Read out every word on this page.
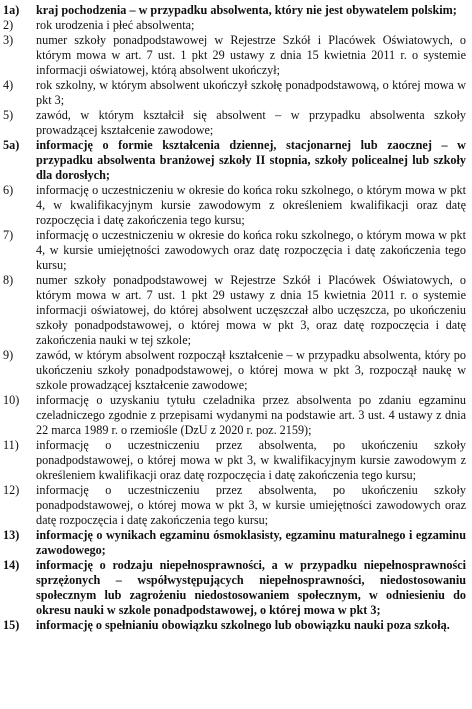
1a)	kraj pochodzenia – w przypadku absolwenta, który nie jest obywatelem polskim;
2)	rok urodzenia i płeć absolwenta;
3)	numer szkoły ponadpodstawowej w Rejestrze Szkół i Placówek Oświatowych, o którym mowa w art. 7 ust. 1 pkt 29 ustawy z dnia 15 kwietnia 2011 r. o systemie informacji oświatowej, którą absolwent ukończył;
4)	rok szkolny, w którym absolwent ukończył szkołę ponadpodstawową, o której mowa w pkt 3;
5)	zawód, w którym kształcił się absolwent – w przypadku absolwenta szkoły prowadzącej kształcenie zawodowe;
5a)	informację o formie kształcenia dziennej, stacjonarnej lub zaocznej – w przypadku absolwenta branżowej szkoły II stopnia, szkoły policealnej lub szkoły dla dorosłych;
6)	informację o uczestniczeniu w okresie do końca roku szkolnego, o którym mowa w pkt 4, w kwalifikacyjnym kursie zawodowym z określeniem kwalifikacji oraz datę rozpoczęcia i datę zakończenia tego kursu;
7)	informację o uczestniczeniu w okresie do końca roku szkolnego, o którym mowa w pkt 4, w kursie umiejętności zawodowych oraz datę rozpoczęcia i datę zakończenia tego kursu;
8)	numer szkoły ponadpodstawowej w Rejestrze Szkół i Placówek Oświatowych, o którym mowa w art. 7 ust. 1 pkt 29 ustawy z dnia 15 kwietnia 2011 r. o systemie informacji oświatowej, do której absolwent uczęszczał albo uczęszcza, po ukończeniu szkoły ponadpodstawowej, o której mowa w pkt 3, oraz datę rozpoczęcia i datę zakończenia nauki w tej szkole;
9)	zawód, w którym absolwent rozpoczął kształcenie – w przypadku absolwenta, który po ukończeniu szkoły ponadpodstawowej, o której mowa w pkt 3, rozpoczął naukę w szkole prowadzącej kształcenie zawodowe;
10)	informację o uzyskaniu tytułu czeladnika przez absolwenta po zdaniu egzaminu czeladniczego zgodnie z przepisami wydanymi na podstawie art. 3 ust. 4 ustawy z dnia 22 marca 1989 r. o rzemiośle (DzU z 2020 r. poz. 2159);
11)	informację o uczestniczeniu przez absolwenta, po ukończeniu szkoły ponadpodstawowej, o której mowa w pkt 3, w kwalifikacyjnym kursie zawodowym z określeniem kwalifikacji oraz datę rozpoczęcia i datę zakończenia tego kursu;
12)	informację o uczestniczeniu przez absolwenta, po ukończeniu szkoły ponadpodstawowej, o której mowa w pkt 3, w kursie umiejętności zawodowych oraz datę rozpoczęcia i datę zakończenia tego kursu;
13)	informację o wynikach egzaminu ósmoklasisty, egzaminu maturalnego i egzaminu zawodowego;
14)	informację o rodzaju niepełnosprawności, a w przypadku niepełnosprawności sprzężonych – współwystępujących niepełnosprawności, niedostosowaniu społecznym lub zagrożeniu niedostosowaniem społecznym, w odniesieniu do okresu nauki w szkole ponadpodstawowej, o której mowa w pkt 3;
15)	informację o spełnianiu obowiązku szkolnego lub obowiązku nauki poza szkołą.
